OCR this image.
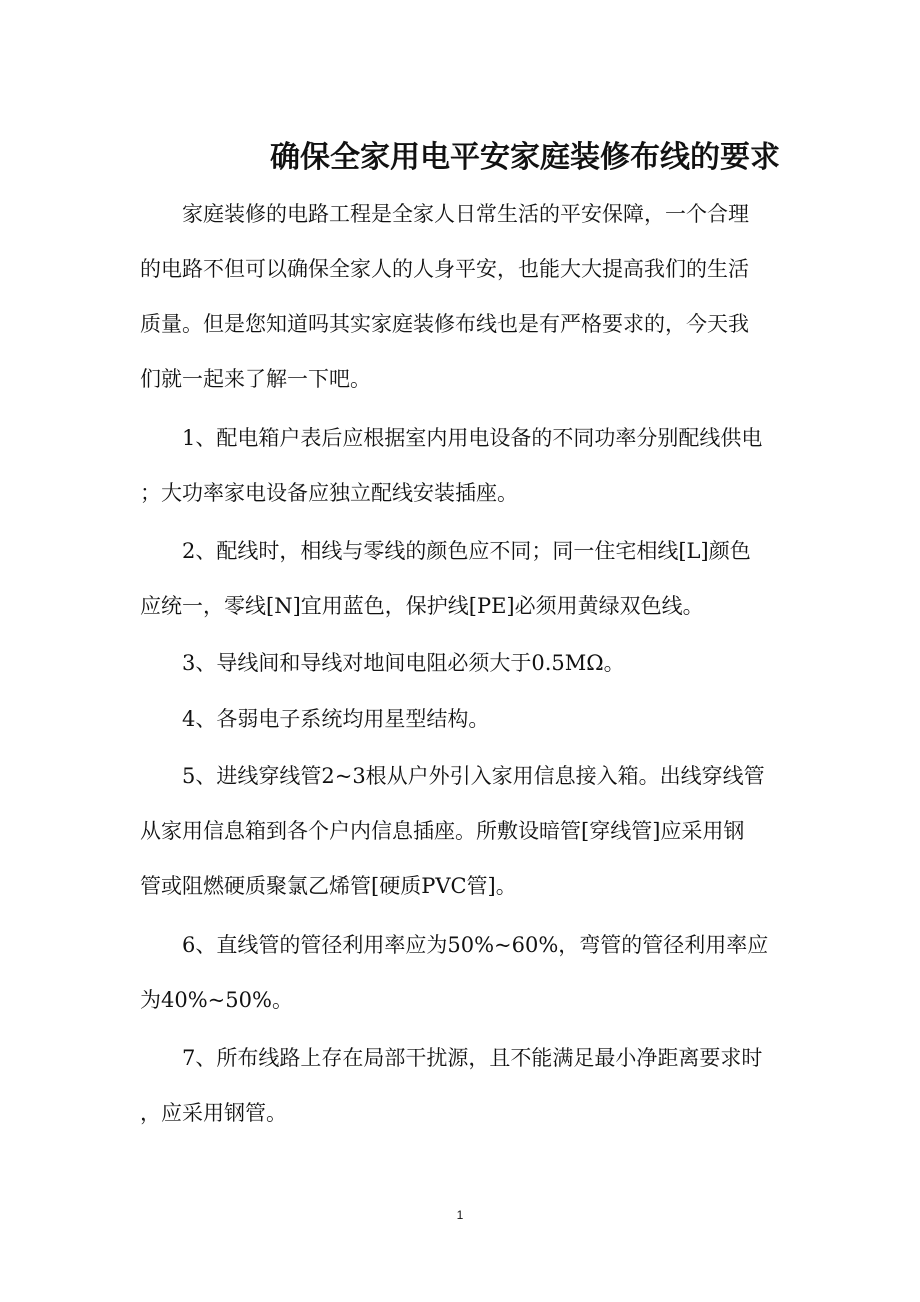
确保全家用电平安家庭装修布线的要求

　　家庭装修的电路工程是全家人日常生活的平安保障，一个合理
的电路不但可以确保全家人的人身平安，也能大大提高我们的生活
质量。但是您知道吗其实家庭装修布线也是有严格要求的，今天我
们就一起来了解一下吧。

　　1、配电箱户表后应根据室内用电设备的不同功率分别配线供电
；大功率家电设备应独立配线安装插座。

　　2、配线时，相线与零线的颜色应不同；同一住宅相线[L]颜色
应统一，零线[N]宜用蓝色，保护线[PE]必须用黄绿双色线。

　　3、导线间和导线对地间电阻必须大于0.5MΩ。

　　4、各弱电子系统均用星型结构。

　　5、进线穿线管2~3根从户外引入家用信息接入箱。出线穿线管
从家用信息箱到各个户内信息插座。所敷设暗管[穿线管]应采用钢
管或阻燃硬质聚氯乙烯管[硬质PVC管]。

　　6、直线管的管径利用率应为50%~60%，弯管的管径利用率应
为40%~50%。

　　7、所布线路上存在局部干扰源，且不能满足最小净距离要求时
，应采用钢管。

1
